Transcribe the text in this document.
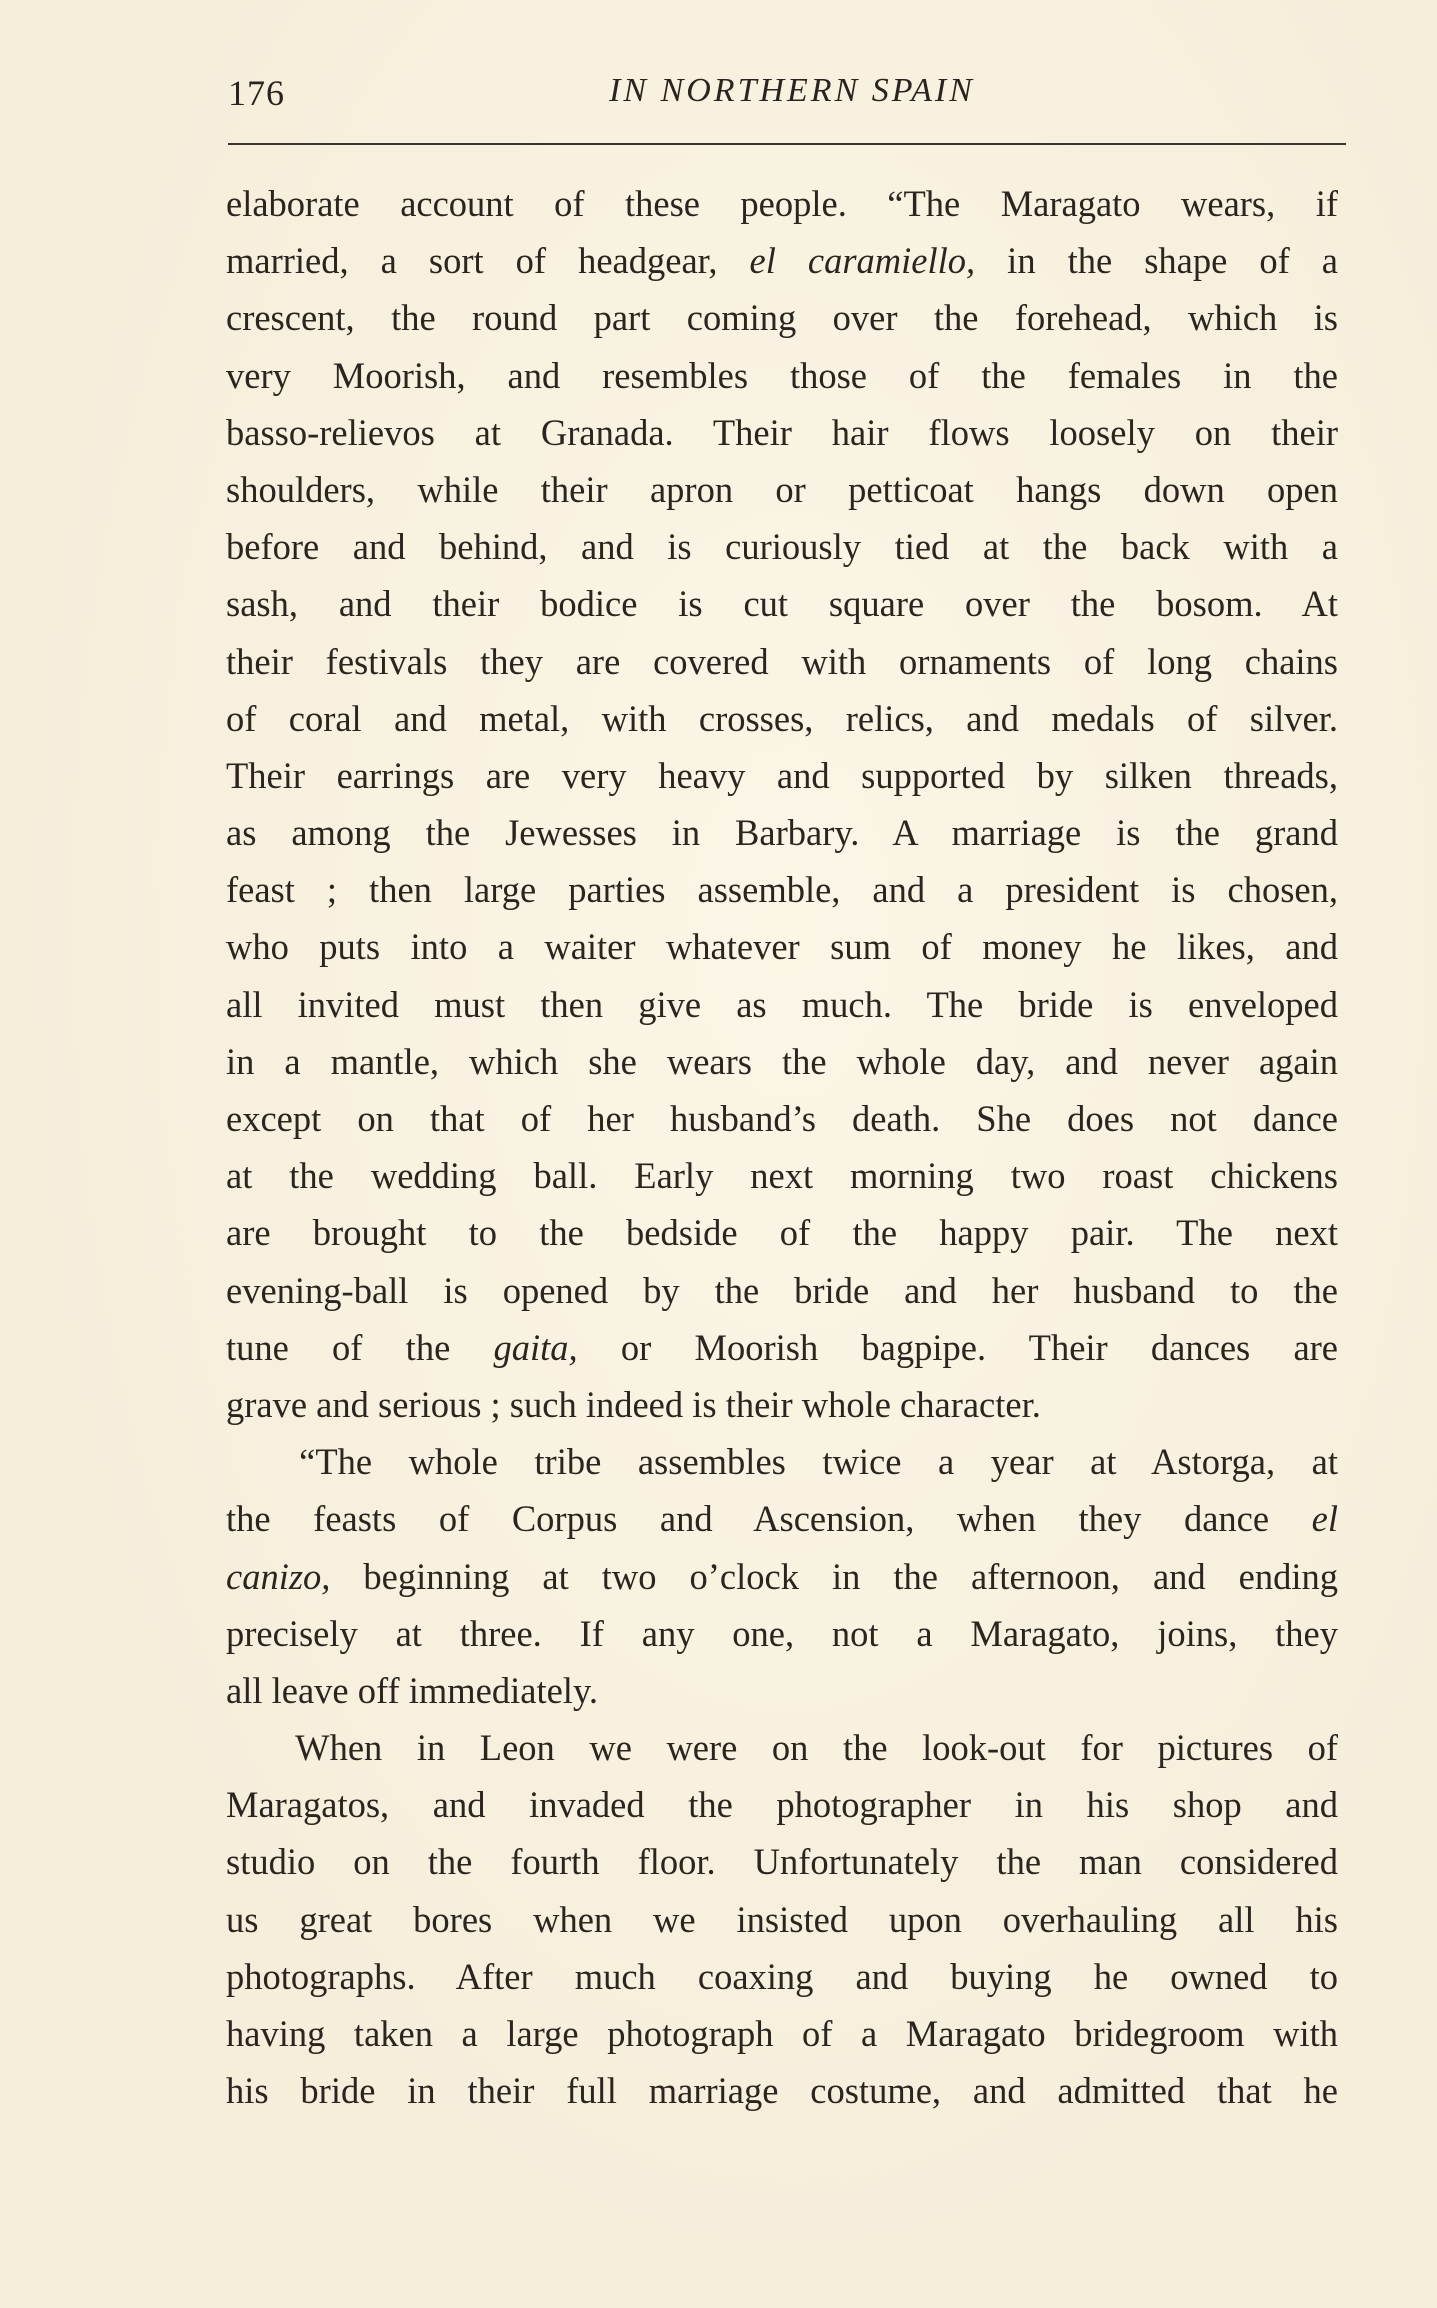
176	IN NORTHERN SPAIN
elaborate account of these people. “The Maragato wears, if
married, a sort of headgear, el caramiello, in the shape of a
crescent, the round part coming over the forehead, which is
very Moorish, and resembles those of the females in the
basso-relievos at Granada. Their hair flows loosely on their
shoulders, while their apron or petticoat hangs down open
before and behind, and is curiously tied at the back with a
sash, and their bodice is cut square over the bosom. At
their festivals they are covered with ornaments of long chains
of coral and metal, with crosses, relics, and medals of silver.
Their earrings are very heavy and supported by silken threads,
as among the Jewesses in Barbary. A marriage is the grand
feast ; then large parties assemble, and a president is chosen,
who puts into a waiter whatever sum of money he likes, and
all invited must then give as much. The bride is enveloped
in a mantle, which she wears the whole day, and never again
except on that of her husband’s death. She does not dance
at the wedding ball. Early next morning two roast chickens
are brought to the bedside of the happy pair. The next
evening-ball is opened by the bride and her husband to the
tune of the gaita, or Moorish bagpipe. Their dances are
grave and serious ; such indeed is their whole character.
“The whole tribe assembles twice a year at Astorga, at
the feasts of Corpus and Ascension, when they dance el
canizo, beginning at two o’clock in the afternoon, and ending
precisely at three. If any one, not a Maragato, joins, they
all leave off immediately.
When in Leon we were on the look-out for pictures of
Maragatos, and invaded the photographer in his shop and
studio on the fourth floor. Unfortunately the man considered
us great bores when we insisted upon overhauling all his
photographs. After much coaxing and buying he owned to
having taken a large photograph of a Maragato bridegroom with
his bride in their full marriage costume, and admitted that he
